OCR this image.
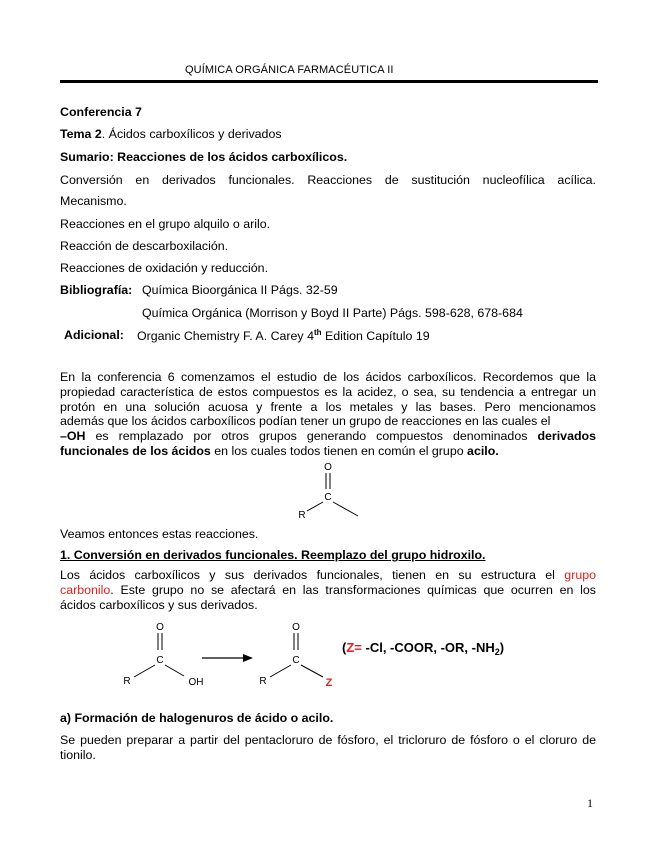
QUÍMICA ORGÁNICA FARMACÉUTICA II
Conferencia 7
Tema 2. Ácidos carboxílicos y derivados
Sumario: Reacciones de los ácidos carboxílicos.
Conversión en derivados funcionales. Reacciones de sustitución nucleofílica acílica.
Mecanismo.
Reacciones en el grupo alquilo o arilo.
Reacción de descarboxilación.
Reacciones de oxidación y reducción.
Bibliografía: Química Bioorgánica II Págs. 32-59
Química Orgánica (Morrison y Boyd II Parte) Págs. 598-628, 678-684
Adicional: Organic Chemistry F. A. Carey 4th Edition Capítulo 19
En la conferencia 6 comenzamos el estudio de los ácidos carboxílicos. Recordemos que la
propiedad característica de estos compuestos es la acidez, o sea, su tendencia a entregar un
protón en una solución acuosa y frente a los metales y las bases. Pero mencionamos
además que los ácidos carboxílicos podían tener un grupo de reacciones en las cuales el
–OH es remplazado por otros grupos generando compuestos denominados derivados
funcionales de los ácidos en los cuales todos tienen en común el grupo acilo.
O
C
R
Veamos entonces estas reacciones.
1. Conversión en derivados funcionales. Reemplazo del grupo hidroxilo.
Los ácidos carboxílicos y sus derivados funcionales, tienen en su estructura el grupo
carbonilo. Este grupo no se afectará en las transformaciones químicas que ocurren en los
ácidos carboxílicos y sus derivados.
O
C
R	OH
O
C
R	Z
(Z= -Cl, -COOR, -OR, $-NH_2$)
a) Formación de halogenuros de ácido o acilo.
Se pueden preparar a partir del pentacloruro de fósforo, el tricloruro de fósforo o el cloruro de
tionilo.
1
